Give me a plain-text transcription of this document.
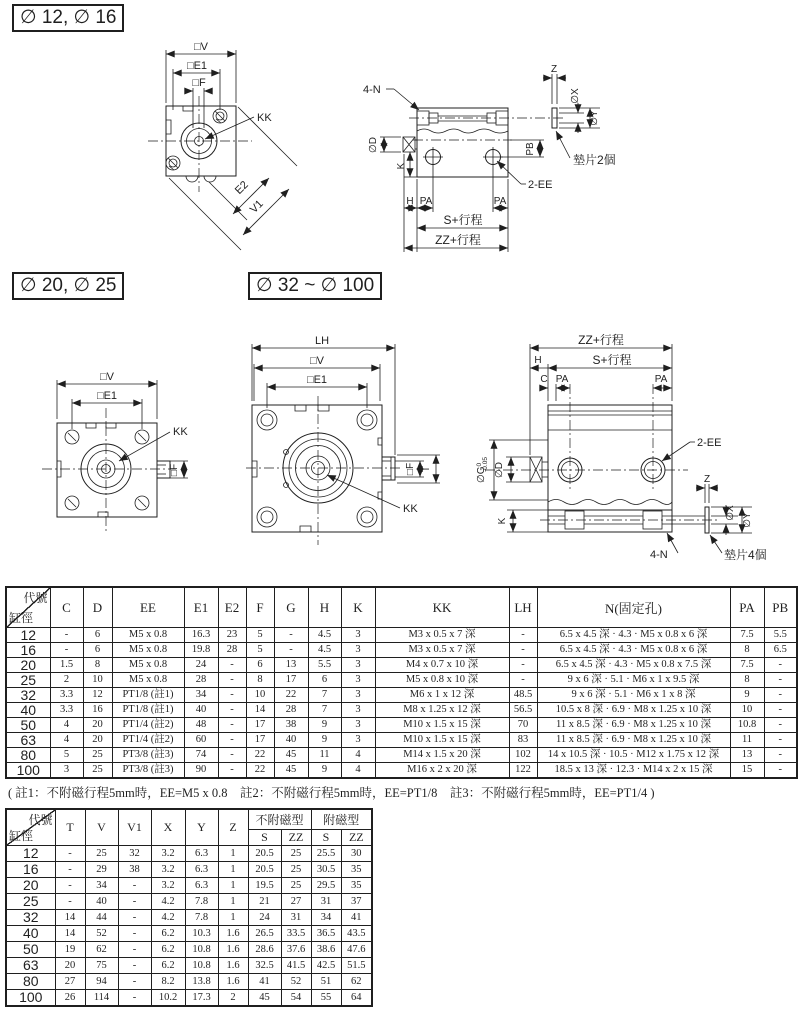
∅ 12, ∅ 16
∅ 20, ∅ 25	∅ 32 ~ ∅ 100
□V
□E1
□F
KK
E2
V1
4-N
Z
∅X
∅Y
∅D	PB
K
H PA	PA
S+行程
ZZ+行程
2-EE
墊片2個
□V
□E1
KK
□F
LH
□V
□E1
□F T
KK
ZZ+行程
S+行程
H
C PA	PA
2-EE
$\emptyset G^0-0.05$ ∅D
K
Z
∅X ∅Y
4-N	墊片4個
代號
缸徑	C	D	EE	E1	E2	F	G	H	K	KK	LH	N(固定孔)	PA	PB
12	-	6	M5 x 0.8	16.3	23	5	-	4.5	3	M3 x 0.5 x 7 深	-	6.5 x 4.5 深 · 4.3 · M5 x 0.8 x 6 深	7.5	5.5
16	-	6	M5 x 0.8	19.8	28	5	-	4.5	3	M3 x 0.5 x 7 深	-	6.5 x 4.5 深 · 4.3 · M5 x 0.8 x 6 深	8	6.5
20	1.5	8	M5 x 0.8	24	-	6	13	5.5	3	M4 x 0.7 x 10 深	-	6.5 x 4.5 深 · 4.3 · M5 x 0.8 x 7.5 深	7.5	-
25	2	10	M5 x 0.8	28	-	8	17	6	3	M5 x 0.8 x 10 深	-	9 x 6 深 · 5.1 · M6 x 1 x 9.5 深	8	-
32	3.3	12	PT1/8 (註1)	34	-	10	22	7	3	M6 x 1 x 12 深	48.5	9 x 6 深 · 5.1 · M6 x 1 x 8 深	9	-
40	3.3	16	PT1/8 (註1)	40	-	14	28	7	3	M8 x 1.25 x 12 深	56.5	10.5 x 8 深 · 6.9 · M8 x 1.25 x 10 深	10	-
50	4	20	PT1/4 (註2)	48	-	17	38	9	3	M10 x 1.5 x 15 深	70	11 x 8.5 深 · 6.9 · M8 x 1.25 x 10 深	10.8	-
63	4	20	PT1/4 (註2)	60	-	17	40	9	3	M10 x 1.5 x 15 深	83	11 x 8.5 深 · 6.9 · M8 x 1.25 x 10 深	11	-
80	5	25	PT3/8 (註3)	74	-	22	45	11	4	M14 x 1.5 x 20 深	102	14 x 10.5 深 · 10.5 · M12 x 1.75 x 12 深	13	-
100	3	25	PT3/8 (註3)	90	-	22	45	9	4	M16 x 2 x 20 深	122	18.5 x 13 深 · 12.3 · M14 x 2 x 15 深	15	-
( 註1：不附磁行程5mm時，EE=M5 x 0.8　註2：不附磁行程5mm時，EE=PT1/8　註3：不附磁行程5mm時，EE=PT1/4 )
代號
缸徑	T	V	V1	X	Y	Z	不附磁型		附磁型	
							S	ZZ	S	ZZ
12	-	25	32	3.2	6.3	1	20.5	25	25.5	30
16	-	29	38	3.2	6.3	1	20.5	25	30.5	35
20	-	34	-	3.2	6.3	1	19.5	25	29.5	35
25	-	40	-	4.2	7.8	1	21	27	31	37
32	14	44	-	4.2	7.8	1	24	31	34	41
40	14	52	-	6.2	10.3	1.6	26.5	33.5	36.5	43.5
50	19	62	-	6.2	10.8	1.6	28.6	37.6	38.6	47.6
63	20	75	-	6.2	10.8	1.6	32.5	41.5	42.5	51.5
80	27	94	-	8.2	13.8	1.6	41	52	51	62
100	26	114	-	10.2	17.3	2	45	54	55	64
